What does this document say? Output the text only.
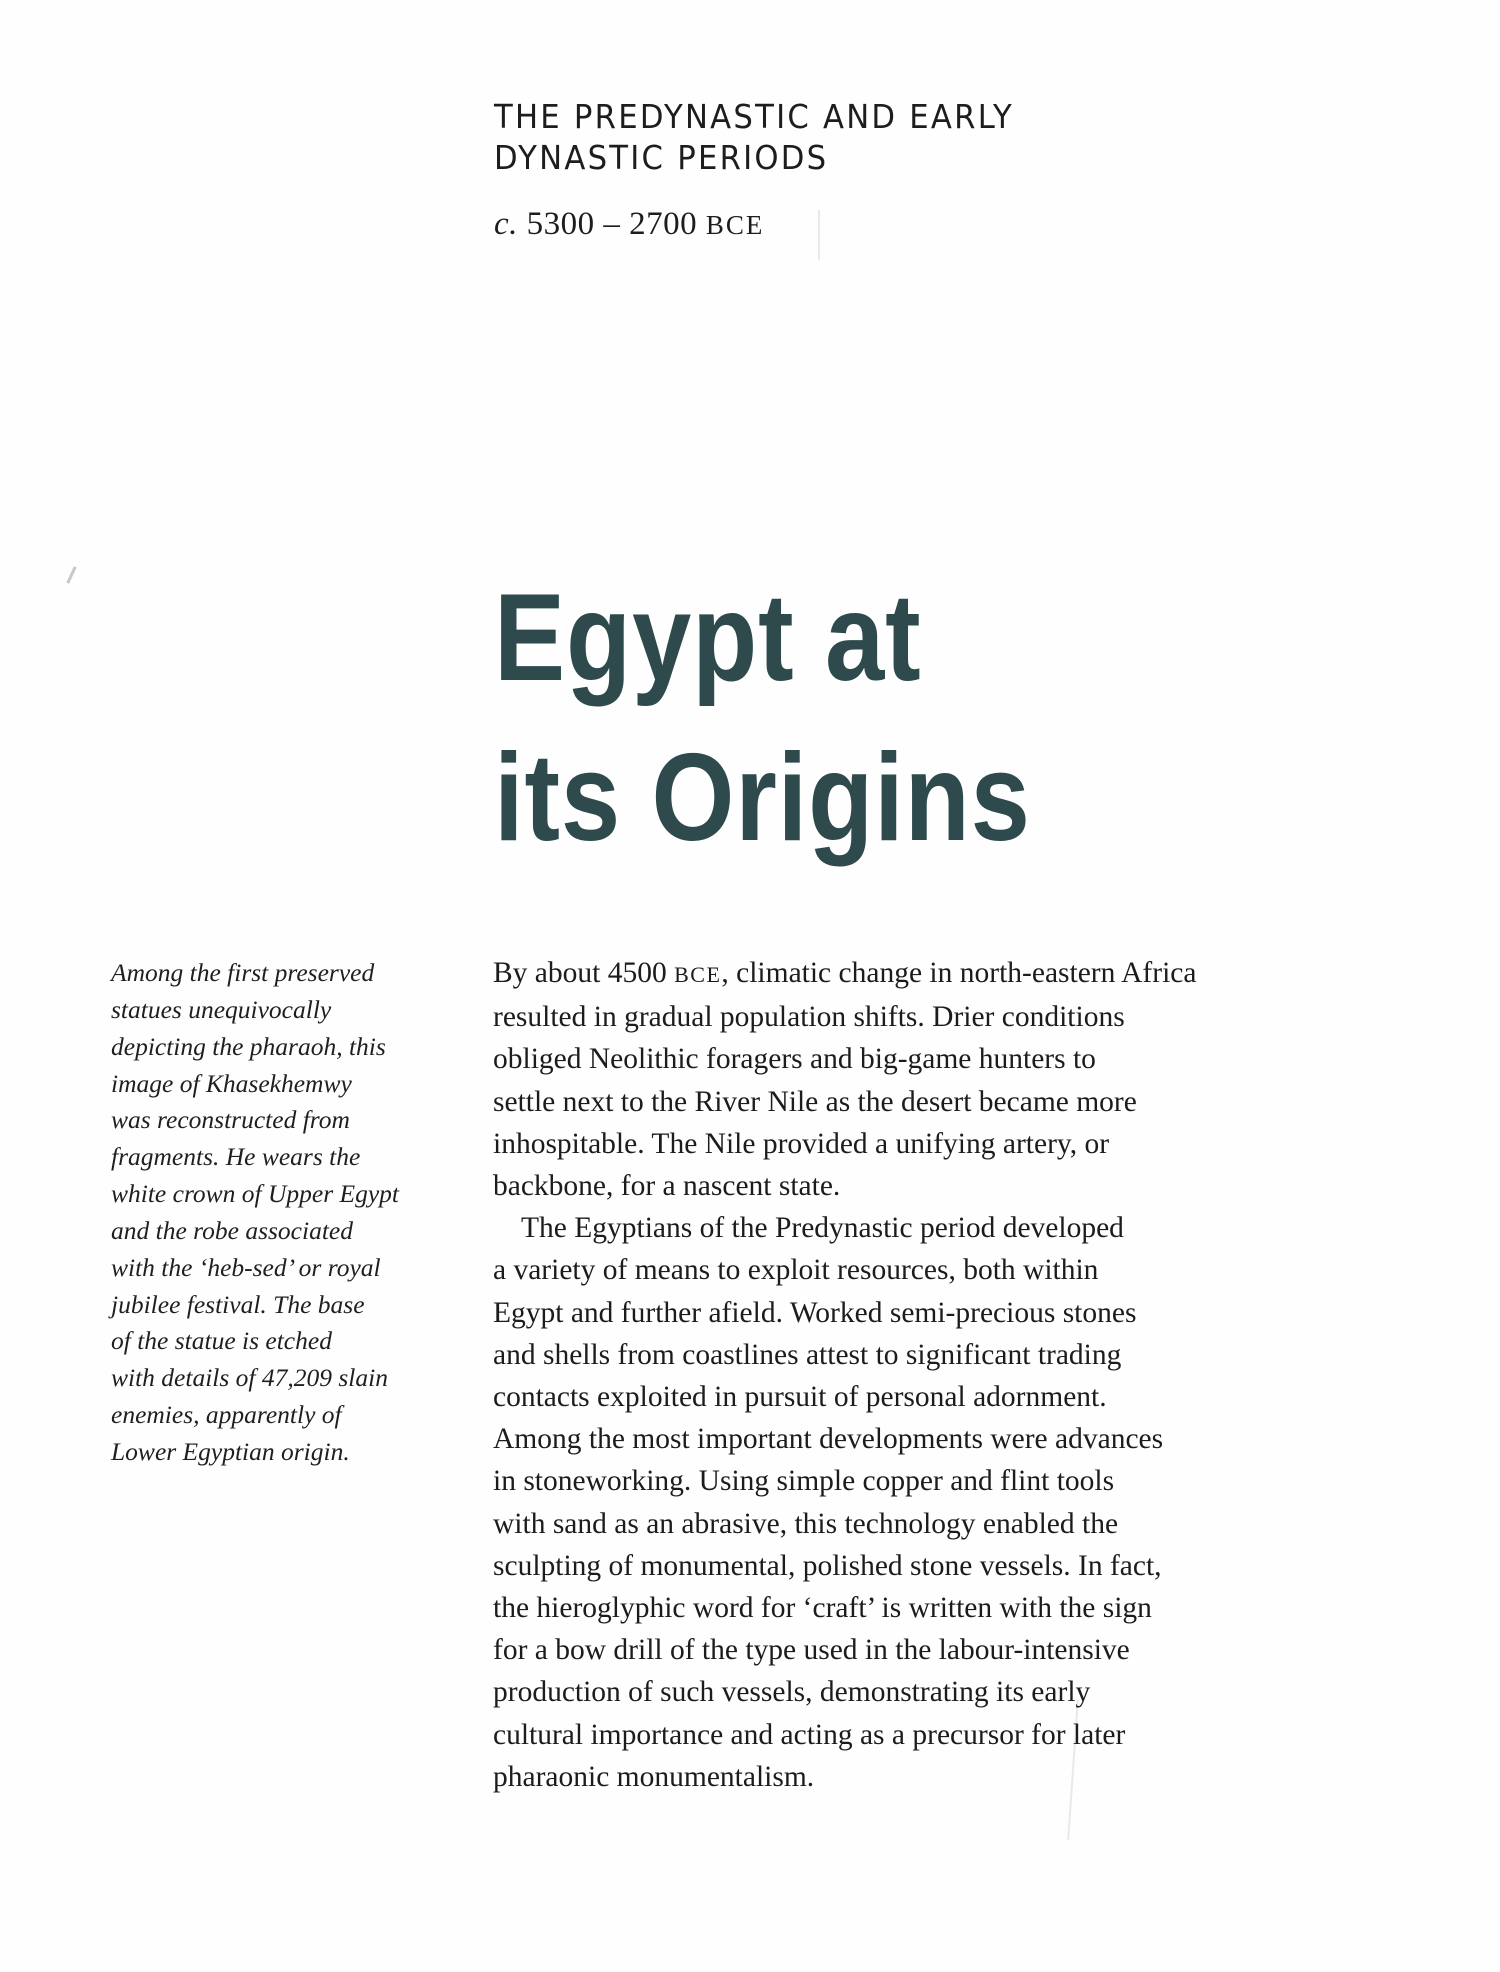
THE PREDYNASTIC AND EARLY
DYNASTIC PERIODS
c. 5300 – 2700 BCE
Egypt at
its Origins
Among the first preserved
statues unequivocally
depicting the pharaoh, this
image of Khasekhemwy
was reconstructed from
fragments. He wears the
white crown of Upper Egypt
and the robe associated
with the ‘heb-sed’ or royal
jubilee festival. The base
of the statue is etched
with details of 47,209 slain
enemies, apparently of
Lower Egyptian origin.
By about 4500 BCE, climatic change in north-eastern Africa
resulted in gradual population shifts. Drier conditions
obliged Neolithic foragers and big-game hunters to
settle next to the River Nile as the desert became more
inhospitable. The Nile provided a unifying artery, or
backbone, for a nascent state.
The Egyptians of the Predynastic period developed
a variety of means to exploit resources, both within
Egypt and further afield. Worked semi-precious stones
and shells from coastlines attest to significant trading
contacts exploited in pursuit of personal adornment.
Among the most important developments were advances
in stoneworking. Using simple copper and flint tools
with sand as an abrasive, this technology enabled the
sculpting of monumental, polished stone vessels. In fact,
the hieroglyphic word for ‘craft’ is written with the sign
for a bow drill of the type used in the labour-intensive
production of such vessels, demonstrating its early
cultural importance and acting as a precursor for later
pharaonic monumentalism.
